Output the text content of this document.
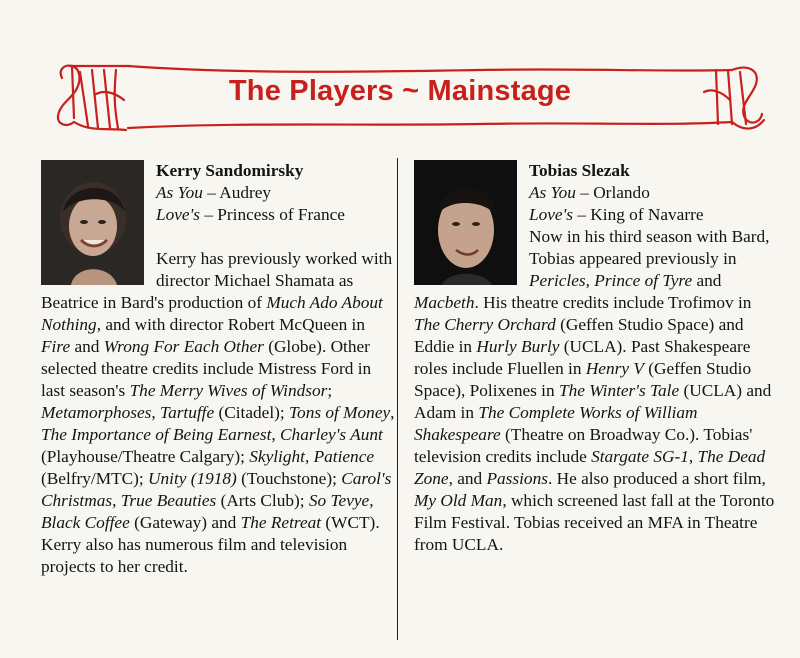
The Players ~ Mainstage
Kerry Sandomirsky
As You – Audrey
Love's – Princess of France
Kerry has previously worked with director Michael Shamata as Beatrice in Bard's production of Much Ado About Nothing, and with director Robert McQueen in Fire and Wrong For Each Other (Globe). Other selected theatre credits include Mistress Ford in last season's The Merry Wives of Windsor; Metamorphoses, Tartuffe (Citadel); Tons of Money, The Importance of Being Earnest, Charley's Aunt (Playhouse/Theatre Calgary); Skylight, Patience (Belfry/MTC); Unity (1918) (Touchstone); Carol's Christmas, True Beauties (Arts Club); So Tevye, Black Coffee (Gateway) and The Retreat (WCT). Kerry also has numerous film and television projects to her credit.
Tobias Slezak
As You – Orlando
Love's – King of Navarre
Now in his third season with Bard, Tobias appeared previously in Pericles, Prince of Tyre and Macbeth. His theatre credits include Trofimov in The Cherry Orchard (Geffen Studio Space) and Eddie in Hurly Burly (UCLA). Past Shakespeare roles include Fluellen in Henry V (Geffen Studio Space), Polixenes in The Winter's Tale (UCLA) and Adam in The Complete Works of William Shakespeare (Theatre on Broadway Co.). Tobias' television credits include Stargate SG-1, The Dead Zone, and Passions. He also produced a short film, My Old Man, which screened last fall at the Toronto Film Festival. Tobias received an MFA in Theatre from UCLA.
